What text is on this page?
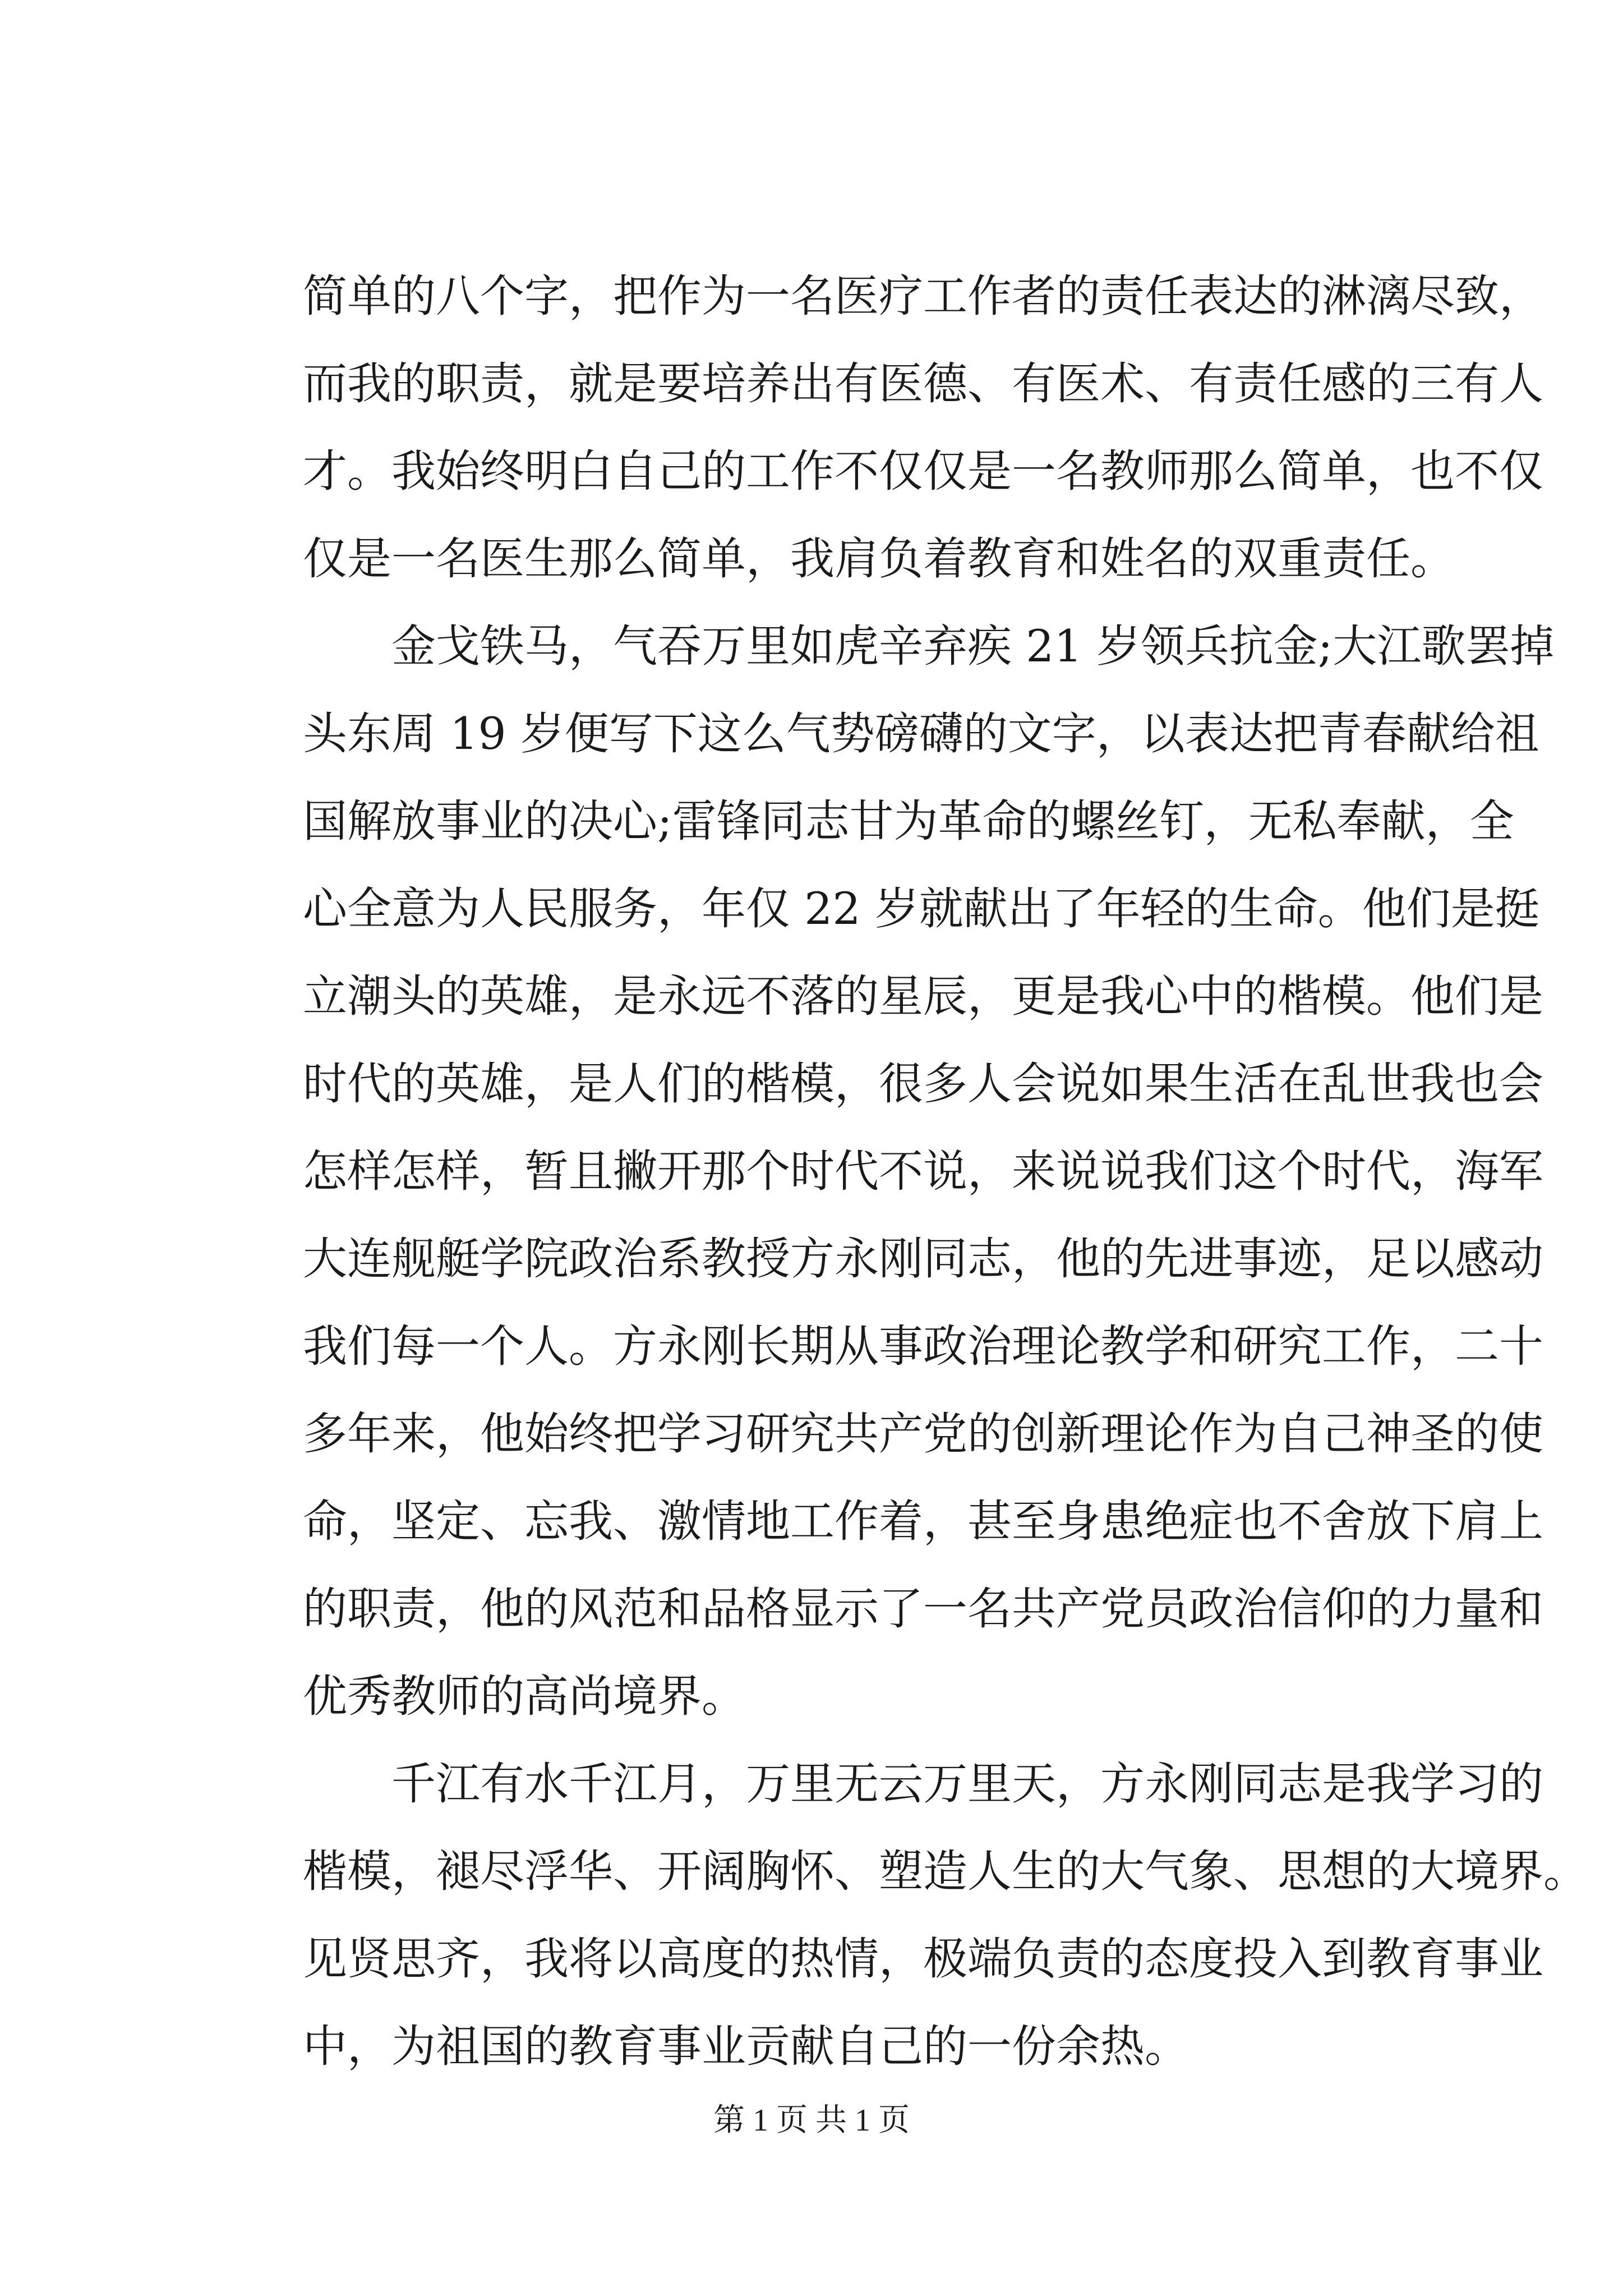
简单的八个字，把作为一名医疗工作者的责任表达的淋漓尽致，
而我的职责，就是要培养出有医德、有医术、有责任感的三有人
才。我始终明白自己的工作不仅仅是一名教师那么简单，也不仅
仅是一名医生那么简单，我肩负着教育和姓名的双重责任。
金戈铁马，气吞万里如虎辛弃疾 21 岁领兵抗金;大江歌罢掉
头东周 19 岁便写下这么气势磅礴的文字，以表达把青春献给祖
国解放事业的决心;雷锋同志甘为革命的螺丝钉，无私奉献，全
心全意为人民服务，年仅 22 岁就献出了年轻的生命。他们是挺
立潮头的英雄，是永远不落的星辰，更是我心中的楷模。他们是
时代的英雄，是人们的楷模，很多人会说如果生活在乱世我也会
怎样怎样，暂且撇开那个时代不说，来说说我们这个时代，海军
大连舰艇学院政治系教授方永刚同志，他的先进事迹，足以感动
我们每一个人。方永刚长期从事政治理论教学和研究工作，二十
多年来，他始终把学习研究共产党的创新理论作为自己神圣的使
命，坚定、忘我、激情地工作着，甚至身患绝症也不舍放下肩上
的职责，他的风范和品格显示了一名共产党员政治信仰的力量和
优秀教师的高尚境界。
千江有水千江月，万里无云万里天，方永刚同志是我学习的
楷模，褪尽浮华、开阔胸怀、塑造人生的大气象、思想的大境界。
见贤思齐，我将以高度的热情，极端负责的态度投入到教育事业
中，为祖国的教育事业贡献自己的一份余热。
第 1 页 共 1 页
